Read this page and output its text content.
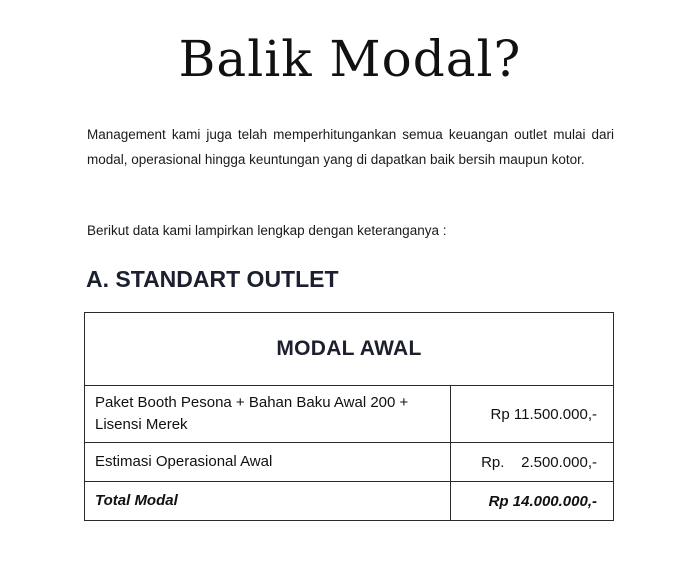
Balik Modal?

Management kami juga telah memperhitungankan semua keuangan outlet mulai dari modal, operasional hingga keuntungan yang di dapatkan baik bersih maupun kotor.

Berikut data kami lampirkan lengkap dengan keteranganya :

A. STANDART OUTLET
MODAL AWAL	
Paket Booth Pesona + Bahan Baku Awal 200 + Lisensi Merek	Rp 11.500.000,-
Estimasi Operasional Awal	Rp.    2.500.000,-
Total Modal	Rp 14.000.000,-
